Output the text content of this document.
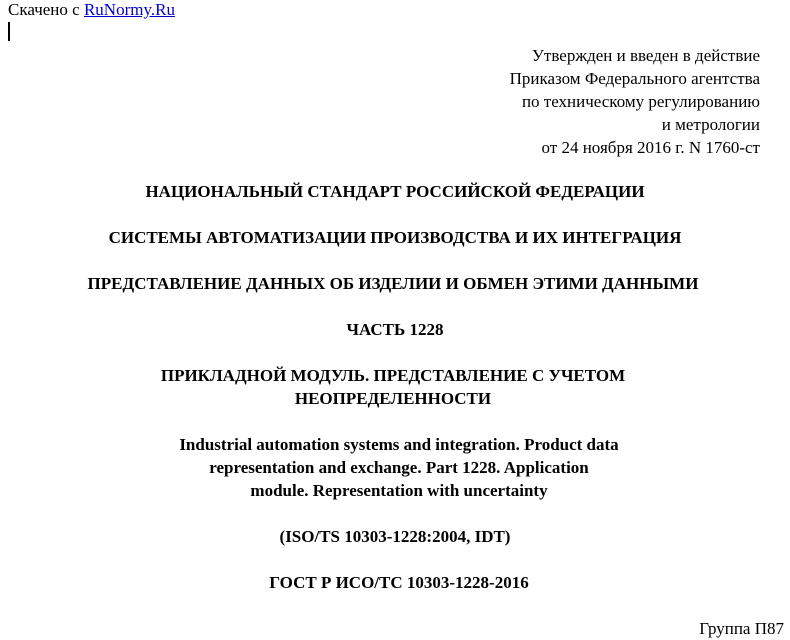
Скачено с RuNormy.Ru
Утвержден и введен в действие
Приказом Федерального агентства
по техническому регулированию
и метрологии
от 24 ноября 2016 г. N 1760-ст
НАЦИОНАЛЬНЫЙ СТАНДАРТ РОССИЙСКОЙ ФЕДЕРАЦИИ
СИСТЕМЫ АВТОМАТИЗАЦИИ ПРОИЗВОДСТВА И ИХ ИНТЕГРАЦИЯ
ПРЕДСТАВЛЕНИЕ ДАННЫХ ОБ ИЗДЕЛИИ И ОБМЕН ЭТИМИ ДАННЫМИ
ЧАСТЬ 1228
ПРИКЛАДНОЙ МОДУЛЬ. ПРЕДСТАВЛЕНИЕ С УЧЕТОМ
НЕОПРЕДЕЛЕННОСТИ
Industrial automation systems and integration. Product data
representation and exchange. Part 1228. Application
module. Representation with uncertainty
(ISO/TS 10303-1228:2004, IDT)
ГОСТ Р ИСО/ТС 10303-1228-2016
Группа П87
